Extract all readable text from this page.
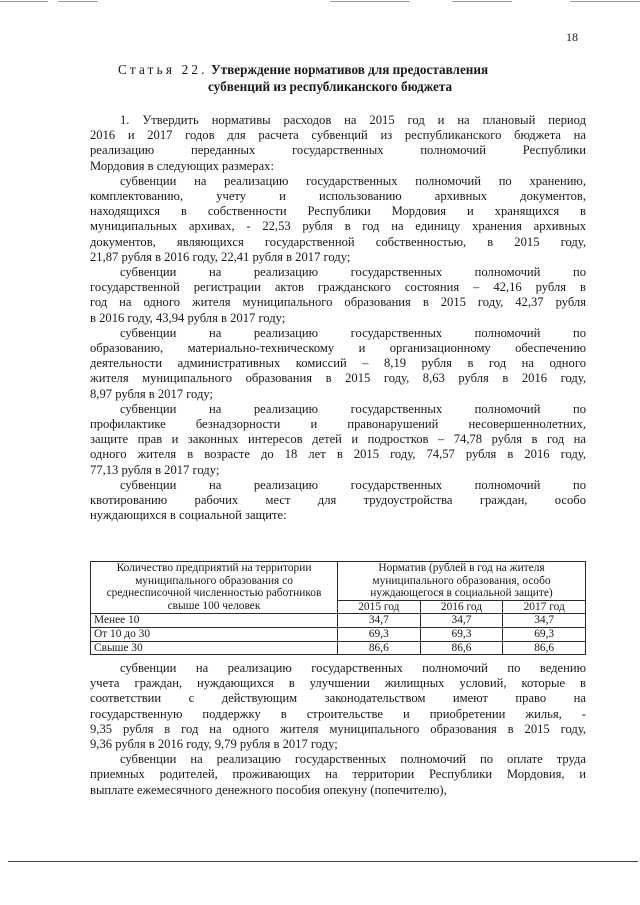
18
Статья 22. Утверждение нормативов для предоставления
субвенций из республиканского бюджета
1. Утвердить нормативы расходов на 2015 год и на плановый период
2016 и 2017 годов для расчета субвенций из республиканского бюджета на
реализацию переданных государственных полномочий Республики
Мордовия в следующих размерах:
субвенции на реализацию государственных полномочий по хранению,
комплектованию, учету и использованию архивных документов,
находящихся в собственности Республики Мордовия и хранящихся в
муниципальных архивах, - 22,53 рубля в год на единицу хранения архивных
документов, являющихся государственной собственностью, в 2015 году,
21,87 рубля в 2016 году, 22,41 рубля в 2017 году;
субвенции на реализацию государственных полномочий по
государственной регистрации актов гражданского состояния – 42,16 рубля в
год на одного жителя муниципального образования в 2015 году, 42,37 рубля
в 2016 году, 43,94 рубля в 2017 году;
субвенции на реализацию государственных полномочий по
образованию, материально-техническому и организационному обеспечению
деятельности административных комиссий – 8,19 рубля в год на одного
жителя муниципального образования в 2015 году, 8,63 рубля в 2016 году,
8,97 рубля в 2017 году;
субвенции на реализацию государственных полномочий по
профилактике безнадзорности и правонарушений несовершеннолетних,
защите прав и законных интересов детей и подростков – 74,78 рубля в год на
одного жителя в возрасте до 18 лет в 2015 году, 74,57 рубля в 2016 году,
77,13 рубля в 2017 году;
субвенции на реализацию государственных полномочий по
квотированию рабочих мест для трудоустройства граждан, особо
нуждающихся в социальной защите:
Количество предприятий на территории муниципального образования со среднесписочной численностью работников свыше 100 человек	Норматив (рублей в год на жителя муниципального образования, особо нуждающегося в социальной защите)		
	2015 год	2016 год	2017 год
Менее 10	34,7	34,7	34,7
От 10 до 30	69,3	69,3	69,3
Свыше 30	86,6	86,6	86,6
субвенции на реализацию государственных полномочий по ведению
учета граждан, нуждающихся в улучшении жилищных условий, которые в
соответствии с действующим законодательством имеют право на
государственную поддержку в строительстве и приобретении жилья, -
9,35 рубля в год на одного жителя муниципального образования в 2015 году,
9,36 рубля в 2016 году, 9,79 рубля в 2017 году;
субвенции на реализацию государственных полномочий по оплате труда
приемных родителей, проживающих на территории Республики Мордовия, и
выплате ежемесячного денежного пособия опекуну (попечителю),
